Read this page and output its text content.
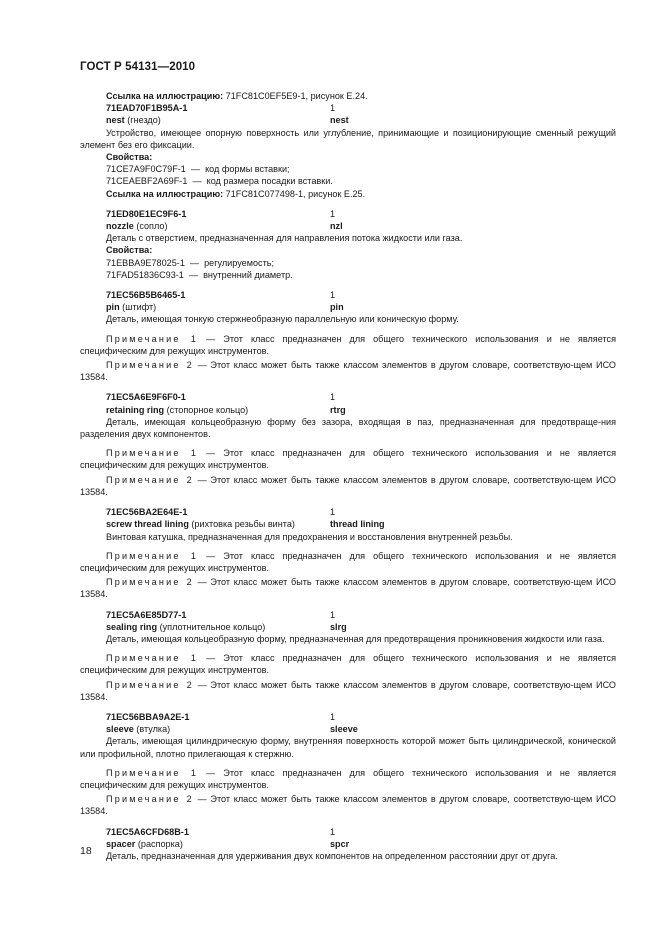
ГОСТ Р 54131—2010
Ссылка на иллюстрацию: 71FC81C0EF5E9-1, рисунок E.24.
71EAD70F1B95A-1	1
nest (гнездо)	nest
Устройство, имеющее опорную поверхность или углубление, принимающие и позиционирующие сменный режущий элемент без его фиксации.
Свойства:
71CE7A9F0C79F-1 — код формы вставки;
71CEAEBF2A69F-1 — код размера посадки вставки.
Ссылка на иллюстрацию: 71FC81C077498-1, рисунок E.25.
71ED80E1EC9F6-1	1
nozzle (сопло)	nzl
Деталь с отверстием, предназначенная для направления потока жидкости или газа.
Свойства:
71EBBA9E78025-1 — регулируемость;
71FAD51836C93-1 — внутренний диаметр.
71EC56B5B6465-1	1
pin (штифт)	pin
Деталь, имеющая тонкую стержнеобразную параллельную или коническую форму.
Примечание 1 — Этот класс предназначен для общего технического использования и не является специфическим для режущих инструментов.
Примечание 2 — Этот класс может быть также классом элементов в другом словаре, соответствую-щем ИСО 13584.
71EC5A6E9F6F0-1	1
retaining ring (стопорное кольцо)	rtrg
Деталь, имеющая кольцеобразную форму без зазора, входящая в паз, предназначенная для предотвраще-ния разделения двух компонентов.
Примечание 1 — Этот класс предназначен для общего технического использования и не является специфическим для режущих инструментов.
Примечание 2 — Этот класс может быть также классом элементов в другом словаре, соответствую-щем ИСО 13584.
71EC56BA2E64E-1	1
screw thread lining (рихтовка резьбы винта)	thread lining
Винтовая катушка, предназначенная для предохранения и восстановления внутренней резьбы.
Примечание 1 — Этот класс предназначен для общего технического использования и не является специфическим для режущих инструментов.
Примечание 2 — Этот класс может быть также классом элементов в другом словаре, соответствую-щем ИСО 13584.
71EC5A6E85D77-1	1
sealing ring (уплотнительное кольцо)	slrg
Деталь, имеющая кольцеобразную форму, предназначенная для предотвращения проникновения жидкости или газа.
Примечание 1 — Этот класс предназначен для общего технического использования и не является специфическим для режущих инструментов.
Примечание 2 — Этот класс может быть также классом элементов в другом словаре, соответствую-щем ИСО 13584.
71EC56BBA9A2E-1	1
sleeve (втулка)	sleeve
Деталь, имеющая цилиндрическую форму, внутренняя поверхность которой может быть цилиндрической, конической или профильной, плотно прилегающая к стержню.
Примечание 1 — Этот класс предназначен для общего технического использования и не является специфическим для режущих инструментов.
Примечание 2 — Этот класс может быть также классом элементов в другом словаре, соответствую-щем ИСО 13584.
71EC5A6CFD68B-1	1
spacer (распорка)	spcr
Деталь, предназначенная для удерживания двух компонентов на определенном расстоянии друг от друга.
18
